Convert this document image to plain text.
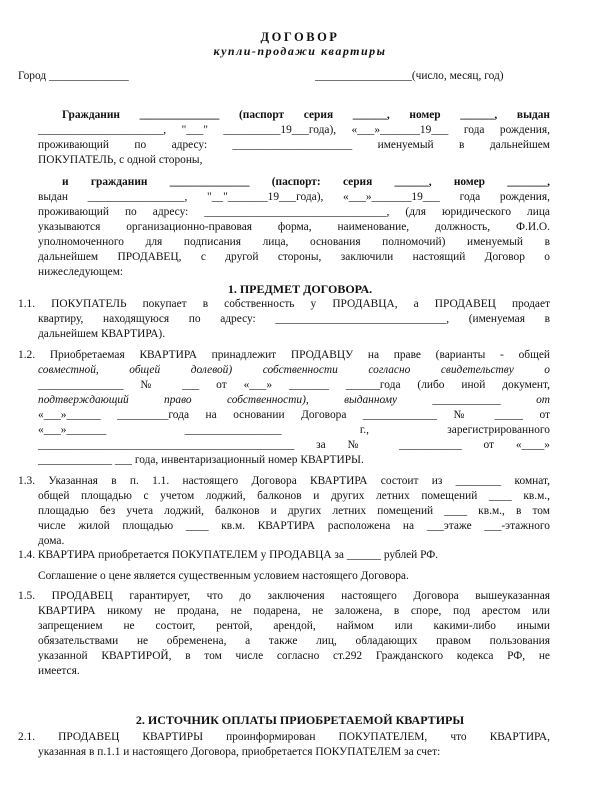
ДОГОВОР
купли-продажи квартиры
Город ______________	_________________(число, месяц, год)
Гражданин ______________ (паспорт серия ______, номер ______, выдан
______________________, "___" __________19___года), «___»_______19___ года рождения,
проживающий по адресу: _____________________ именуемый в дальнейшем
ПОКУПАТЕЛЬ, с одной стороны,
и гражданин ______________ (паспорт: серия ______, номер _______,
выдан _________________, "__"_______19___года), «___»_______19___ года рождения,
проживающий по адресу: ________________________________, (для юридического лица
указываются организационно-правовая форма, наименование, должность, Ф.И.О.
уполномоченного для подписания лица, основания полномочий) именуемый в
дальнейшем ПРОДАВЕЦ, с другой стороны, заключили настоящий Договор о
нижеследующем:
1. ПРЕДМЕТ ДОГОВОРА.
1.1. ПОКУПАТЕЛЬ покупает в собственность у ПРОДАВЦА, а ПРОДАВЕЦ продает
квартиру, находящуюся по адресу: ______________________________, (именуемая в
дальнейшем КВАРТИРА).
1.2. Приобретаемая КВАРТИРА принадлежит ПРОДАВЦУ на праве (варианты - общей
совместной, общей долевой) собственности согласно свидетельству о
_______________ № ___ от «___» _______ ______года (либо иной документ,
подтверждающий право собственности), выданному ____________ от
«___»______ _________года на основании Договора _____________ № _____ от
«___»_______ _________________ г., зарегистрированного
_____________________________________________ за № ___________ от «____»
_____________ ___ года, инвентаризационный номер КВАРТИРЫ.
1.3. Указанная в п. 1.1. настоящего Договора КВАРТИРА состоит из ________ комнат,
общей площадью с учетом лоджий, балконов и других летних помещений ____ кв.м.,
площадью без учета лоджий, балконов и других летних помещений ____ кв.м., в том
числе жилой площадью ____ кв.м. КВАРТИРА расположена на ___этаже ___-этажного
дома.
1.4. КВАРТИРА приобретается ПОКУПАТЕЛЕМ у ПРОДАВЦА за ______ рублей РФ.
Соглашение о цене является существенным условием настоящего Договора.
1.5. ПРОДАВЕЦ гарантирует, что до заключения настоящего Договора вышеуказанная
КВАРТИРА никому не продана, не подарена, не заложена, в споре, под арестом или
запрещением не состоит, рентой, арендой, наймом или какими-либо иными
обязательствами не обременена, а также лиц, обладающих правом пользования
указанной КВАРТИРОЙ, в том числе согласно ст.292 Гражданского кодекса РФ, не
имеется.
2. ИСТОЧНИК ОПЛАТЫ ПРИОБРЕТАЕМОЙ КВАРТИРЫ
2.1. ПРОДАВЕЦ КВАРТИРЫ проинформирован ПОКУПАТЕЛЕМ, что КВАРТИРА,
указанная в п.1.1 и настоящего Договора, приобретается ПОКУПАТЕЛЕМ за счет:
